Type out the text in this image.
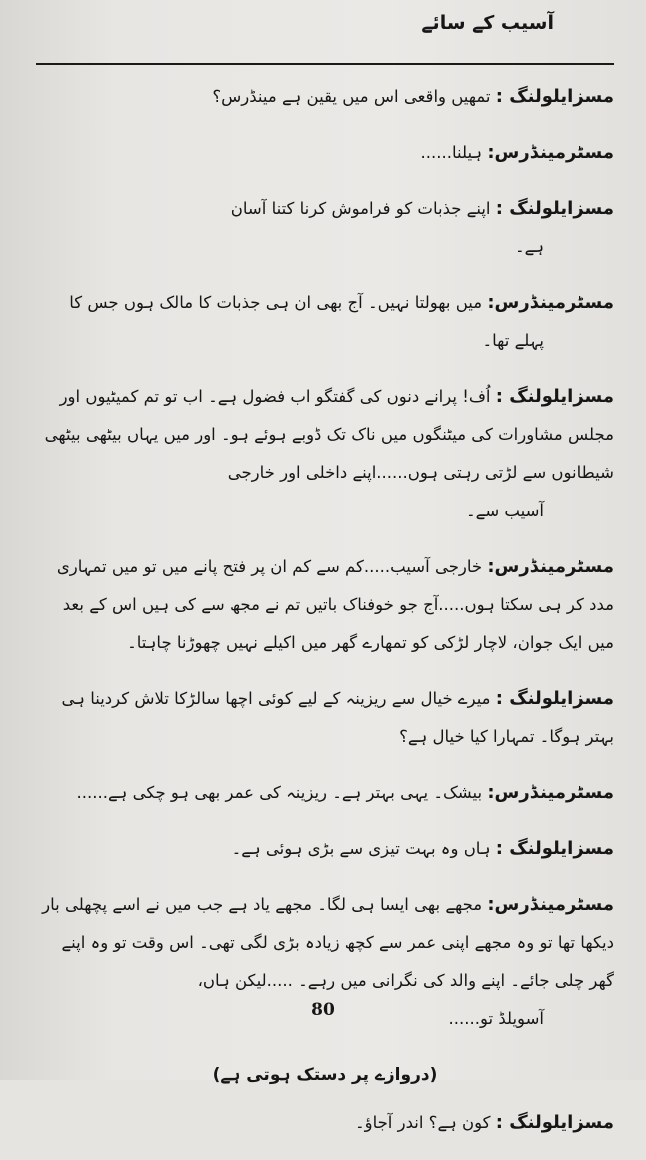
آسیب کے سائے
مسزایلولنگ : تمھیں واقعی اس میں یقین ہے مینڈرس؟
مسٹرمینڈرس: ہیلنا......
مسزایلولنگ : اپنے جذبات کو فراموش کرنا کتنا آسان
ہے۔
مسٹرمینڈرس: میں بھولتا نہیں۔ آج بھی ان ہی جذبات کا مالک ہوں جس کا
پہلے تھا۔
مسزایلولنگ : اُف! پرانے دنوں کی گفتگو اب فضول ہے۔ اب تو تم کمیٹیوں اور مجلس مشاورات کی میٹنگوں میں ناک تک ڈوبے ہوئے ہو۔ اور میں یہاں بیٹھی بیٹھی شیطانوں سے لڑتی رہتی ہوں......اپنے داخلی اور خارجی
آسیب سے۔
مسٹرمینڈرس: خارجی آسیب.....کم سے کم ان پر فتح پانے میں تو میں تمہاری مدد کر ہی سکتا ہوں.....آج جو خوفناک باتیں تم نے مجھ سے کی ہیں اس کے بعد میں ایک جوان، لاچار لڑکی کو تمھارے گھر میں اکیلے نہیں چھوڑنا چاہتا۔
مسزایلولنگ : میرے خیال سے ریزینہ کے لیے کوئی اچھا سالڑکا تلاش کردینا ہی بہتر ہوگا۔ تمہارا کیا خیال ہے؟
مسٹرمینڈرس: بیشک۔ یہی بہتر ہے۔ ریزینہ کی عمر بھی ہو چکی ہے......
مسزایلولنگ : ہاں وہ بہت تیزی سے بڑی ہوئی ہے۔
مسٹرمینڈرس: مجھے بھی ایسا ہی لگا۔ مجھے یاد ہے جب میں نے اسے پچھلی بار دیکھا تھا تو وہ مجھے اپنی عمر سے کچھ زیادہ بڑی لگی تھی۔ اس وقت تو وہ اپنے گھر چلی جائے۔ اپنے والد کی نگرانی میں رہے۔ .....لیکن ہاں،
آسویلڈ تو......
(دروازے پر دستک ہوتی ہے)
مسزایلولنگ : کون ہے؟ اندر آجاؤ۔
80
